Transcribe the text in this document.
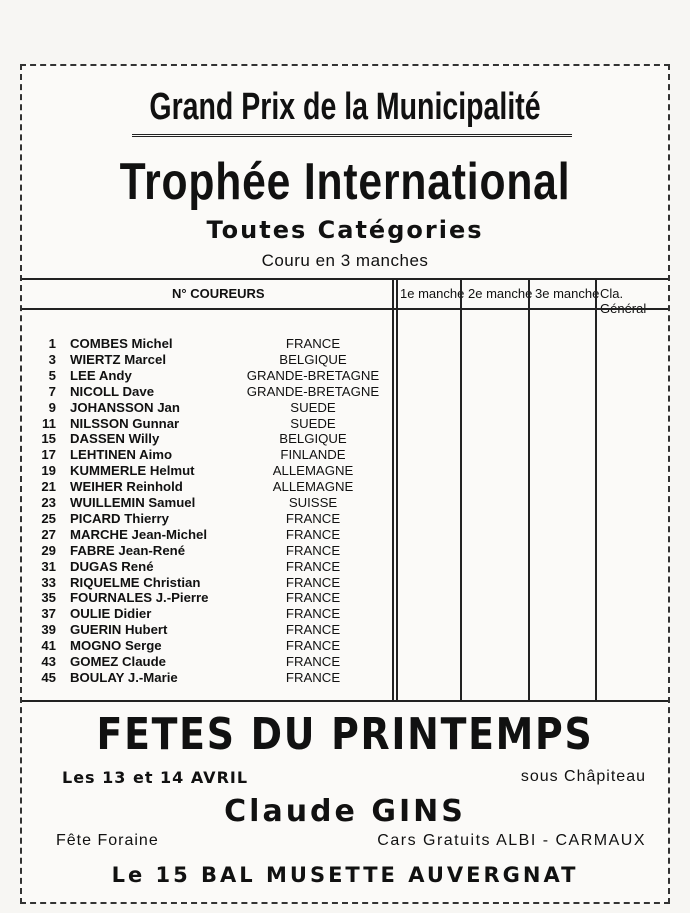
Grand Prix de la Municipalité
Trophée International
Toutes Catégories
Couru en 3 manches
N° COUREURS	1e manche 2e manche 3e manche Cla. Général
1 COMBES Michel	FRANCE
3 WIERTZ Marcel	BELGIQUE
5 LEE Andy	GRANDE-BRETAGNE
7 NICOLL Dave	GRANDE-BRETAGNE
9 JOHANSSON Jan	SUEDE
11 NILSSON Gunnar	SUEDE
15 DASSEN Willy	BELGIQUE
17 LEHTINEN Aimo	FINLANDE
19 KUMMERLE Helmut	ALLEMAGNE
21 WEIHER Reinhold	ALLEMAGNE
23 WUILLEMIN Samuel	SUISSE
25 PICARD Thierry	FRANCE
27 MARCHE Jean-Michel	FRANCE
29 FABRE Jean-René	FRANCE
31 DUGAS René	FRANCE
33 RIQUELME Christian	FRANCE
35 FOURNALES J.-Pierre	FRANCE
37 OULIE Didier	FRANCE
39 GUERIN Hubert	FRANCE
41 MOGNO Serge	FRANCE
43 GOMEZ Claude	FRANCE
45 BOULAY J.-Marie	FRANCE
FETES DU PRINTEMPS
Les 13 et 14 AVRIL	sous Châpiteau
Claude GINS
Fête Foraine	Cars Gratuits ALBI - CARMAUX
Le 15 BAL MUSETTE AUVERGNAT
